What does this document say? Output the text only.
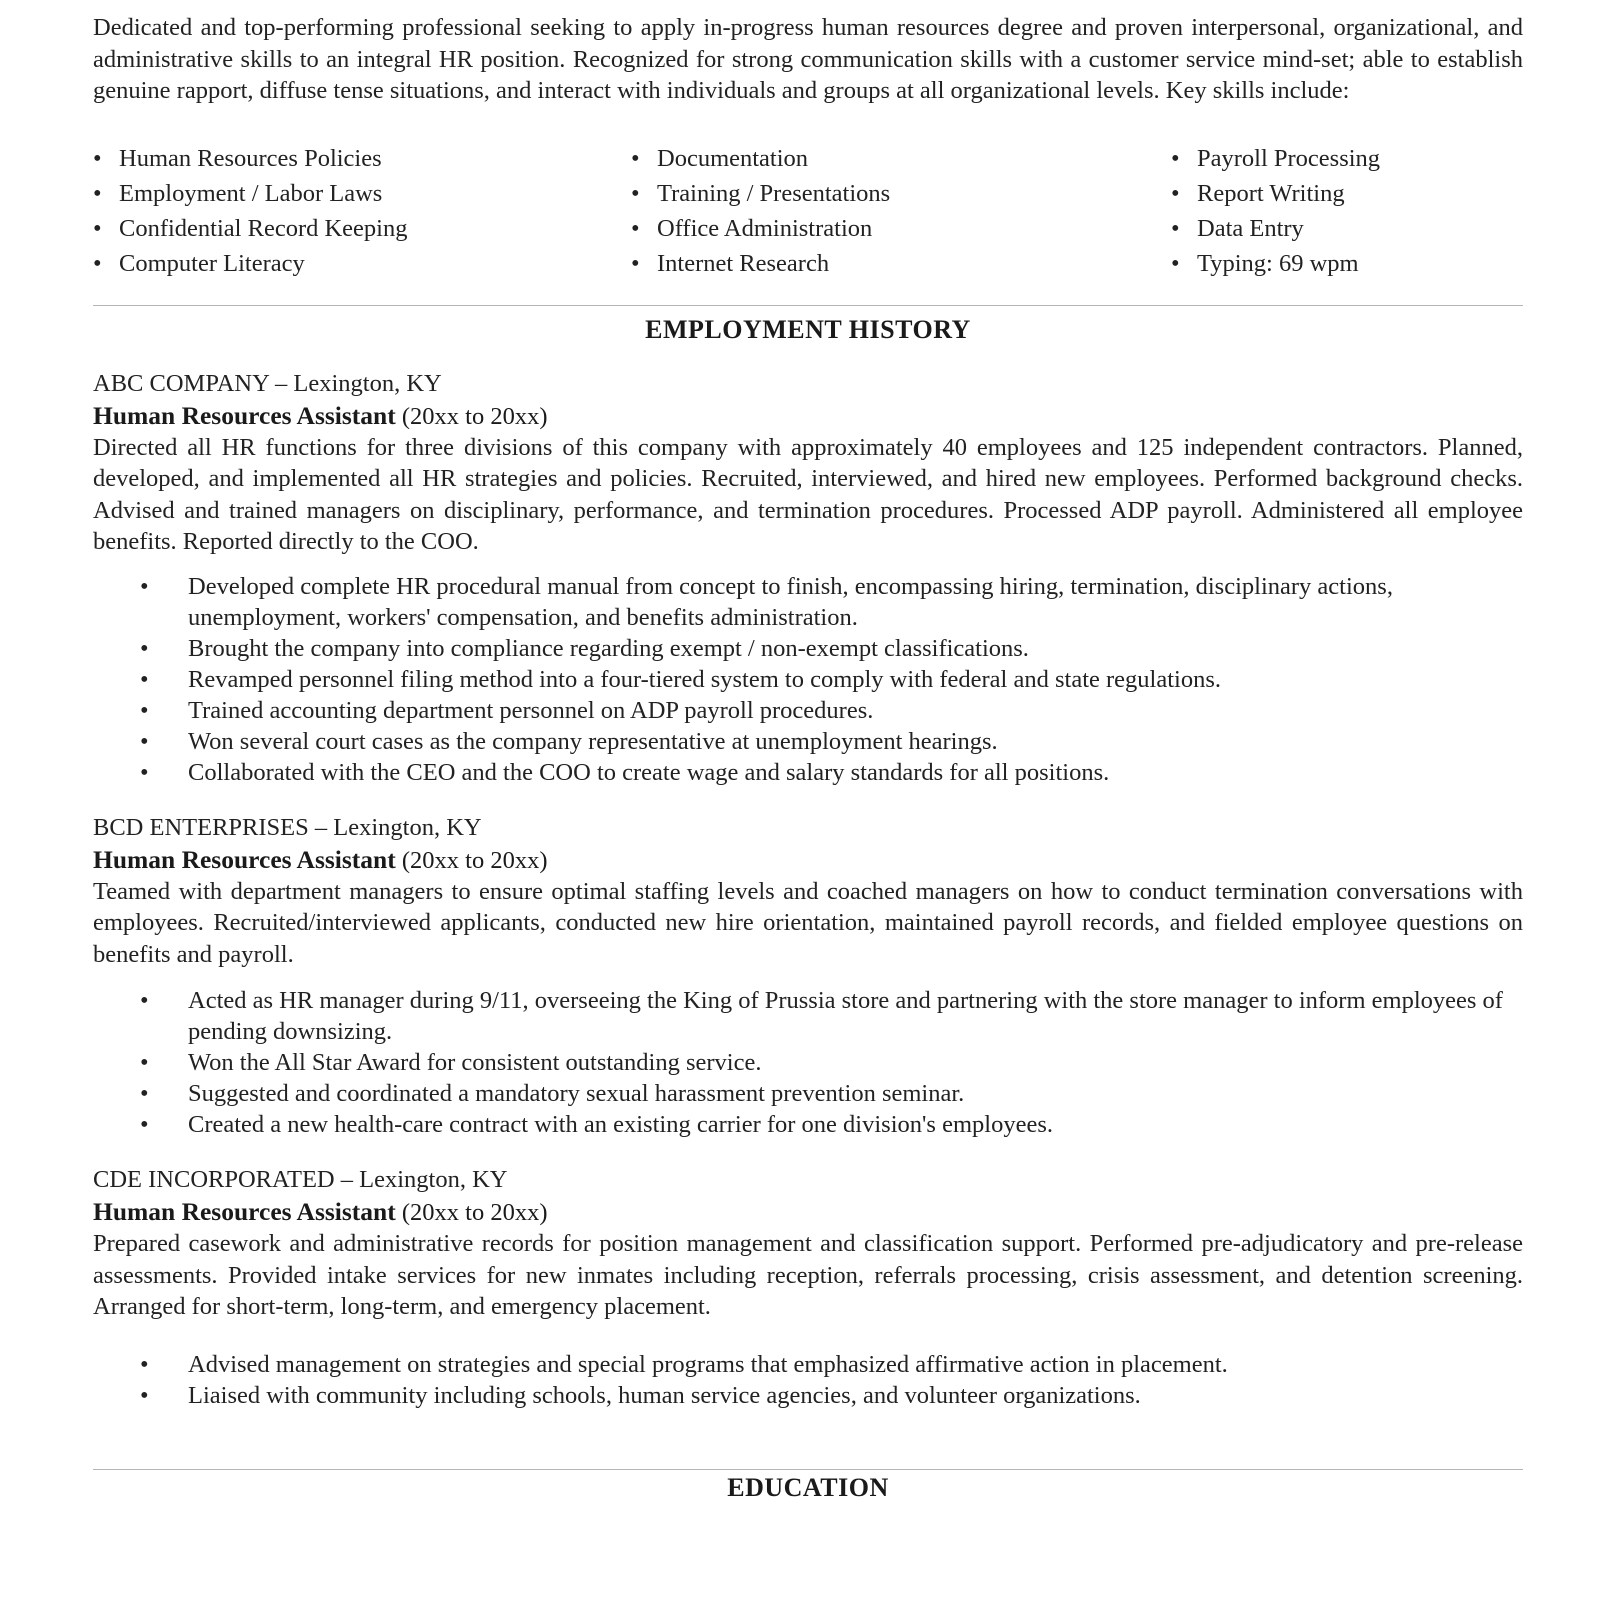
Dedicated and top-performing professional seeking to apply in-progress human resources degree and proven interpersonal, organizational, and administrative skills to an integral HR position. Recognized for strong communication skills with a customer service mind-set; able to establish genuine rapport, diffuse tense situations, and interact with individuals and groups at all organizational levels. Key skills include:

• Human Resources Policies
• Employment / Labor Laws
• Confidential Record Keeping
• Computer Literacy
• Documentation
• Training / Presentations
• Office Administration
• Internet Research
• Payroll Processing
• Report Writing
• Data Entry
• Typing: 69 wpm
EMPLOYMENT HISTORY

ABC COMPANY – Lexington, KY

Human Resources Assistant (20xx to 20xx)

Directed all HR functions for three divisions of this company with approximately 40 employees and 125 independent contractors. Planned, developed, and implemented all HR strategies and policies. Recruited, interviewed, and hired new employees. Performed background checks. Advised and trained managers on disciplinary, performance, and termination procedures. Processed ADP payroll. Administered all employee benefits. Reported directly to the COO.

• Developed complete HR procedural manual from concept to finish, encompassing hiring, termination, disciplinary actions, unemployment, workers' compensation, and benefits administration.
• Brought the company into compliance regarding exempt / non-exempt classifications.
• Revamped personnel filing method into a four-tiered system to comply with federal and state regulations.
• Trained accounting department personnel on ADP payroll procedures.
• Won several court cases as the company representative at unemployment hearings.
• Collaborated with the CEO and the COO to create wage and salary standards for all positions.

BCD ENTERPRISES – Lexington, KY

Human Resources Assistant (20xx to 20xx)

Teamed with department managers to ensure optimal staffing levels and coached managers on how to conduct termination conversations with employees. Recruited/interviewed applicants, conducted new hire orientation, maintained payroll records, and fielded employee questions on benefits and payroll.

• Acted as HR manager during 9/11, overseeing the King of Prussia store and partnering with the store manager to inform employees of pending downsizing.
• Won the All Star Award for consistent outstanding service.
• Suggested and coordinated a mandatory sexual harassment prevention seminar.
• Created a new health-care contract with an existing carrier for one division's employees.

CDE INCORPORATED – Lexington, KY

Human Resources Assistant (20xx to 20xx)

Prepared casework and administrative records for position management and classification support. Performed pre-adjudicatory and pre-release assessments. Provided intake services for new inmates including reception, referrals processing, crisis assessment, and detention screening. Arranged for short-term, long-term, and emergency placement.

• Advised management on strategies and special programs that emphasized affirmative action in placement.
• Liaised with community including schools, human service agencies, and volunteer organizations.
EDUCATION
